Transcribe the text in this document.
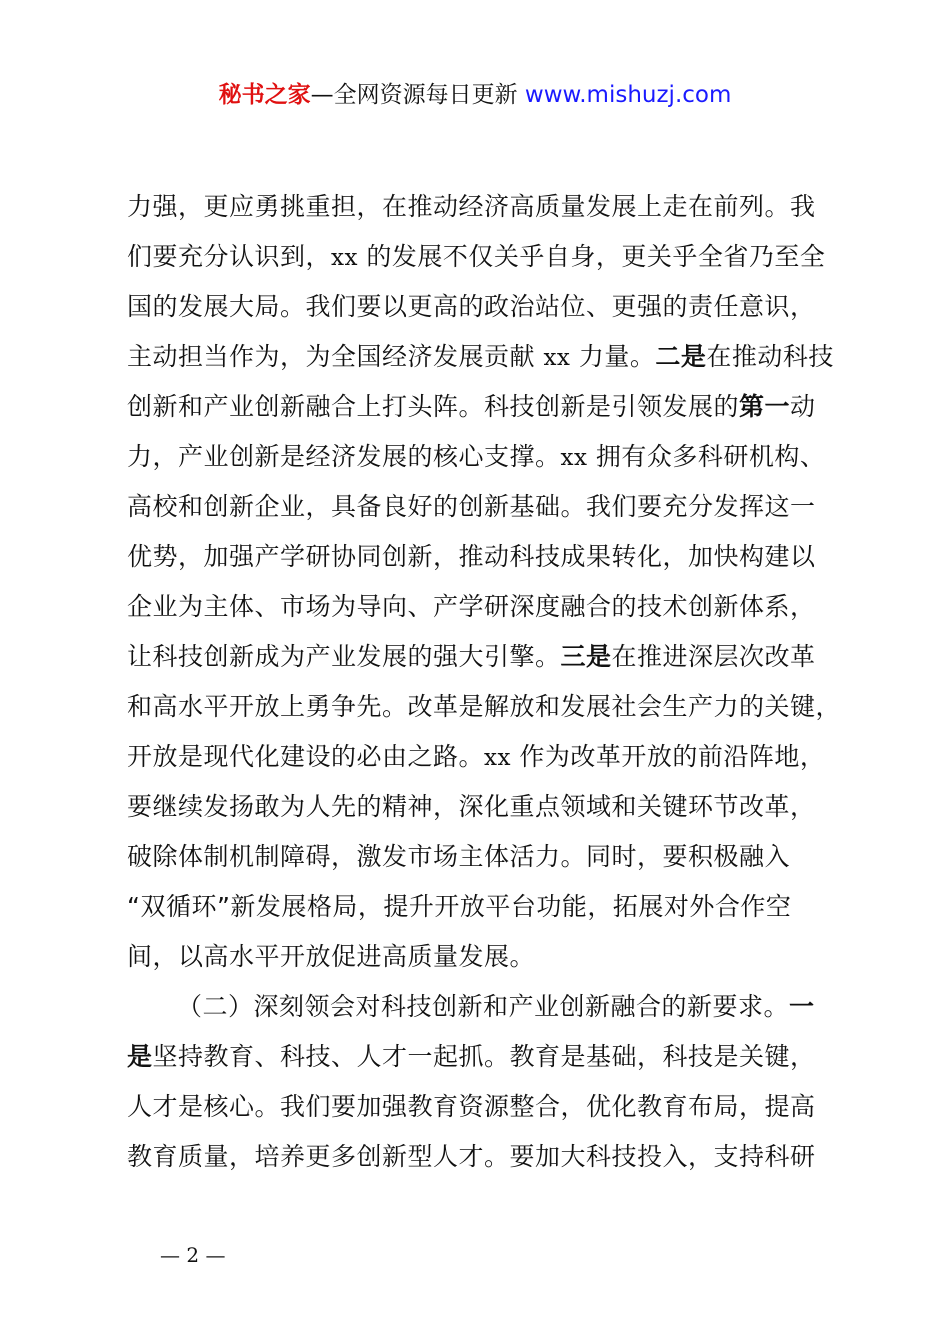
秘书之家—全网资源每日更新 www.mishuzj.com
力强，更应勇挑重担，在推动经济高质量发展上走在前列。我
们要充分认识到，xx 的发展不仅关乎自身，更关乎全省乃至全
国的发展大局。我们要以更高的政治站位、更强的责任意识，
主动担当作为，为全国经济发展贡献 xx 力量。二是在推动科技
创新和产业创新融合上打头阵。科技创新是引领发展的第一动
力，产业创新是经济发展的核心支撑。xx 拥有众多科研机构、
高校和创新企业，具备良好的创新基础。我们要充分发挥这一
优势，加强产学研协同创新，推动科技成果转化，加快构建以
企业为主体、市场为导向、产学研深度融合的技术创新体系，
让科技创新成为产业发展的强大引擎。三是在推进深层次改革
和高水平开放上勇争先。改革是解放和发展社会生产力的关键，
开放是现代化建设的必由之路。xx 作为改革开放的前沿阵地，
要继续发扬敢为人先的精神，深化重点领域和关键环节改革，
破除体制机制障碍，激发市场主体活力。同时，要积极融入
“双循环”新发展格局，提升开放平台功能，拓展对外合作空
间，以高水平开放促进高质量发展。
（二）深刻领会对科技创新和产业创新融合的新要求。一
是坚持教育、科技、人才一起抓。教育是基础，科技是关键，
人才是核心。我们要加强教育资源整合，优化教育布局，提高
教育质量，培养更多创新型人才。要加大科技投入，支持科研
— 2 —
